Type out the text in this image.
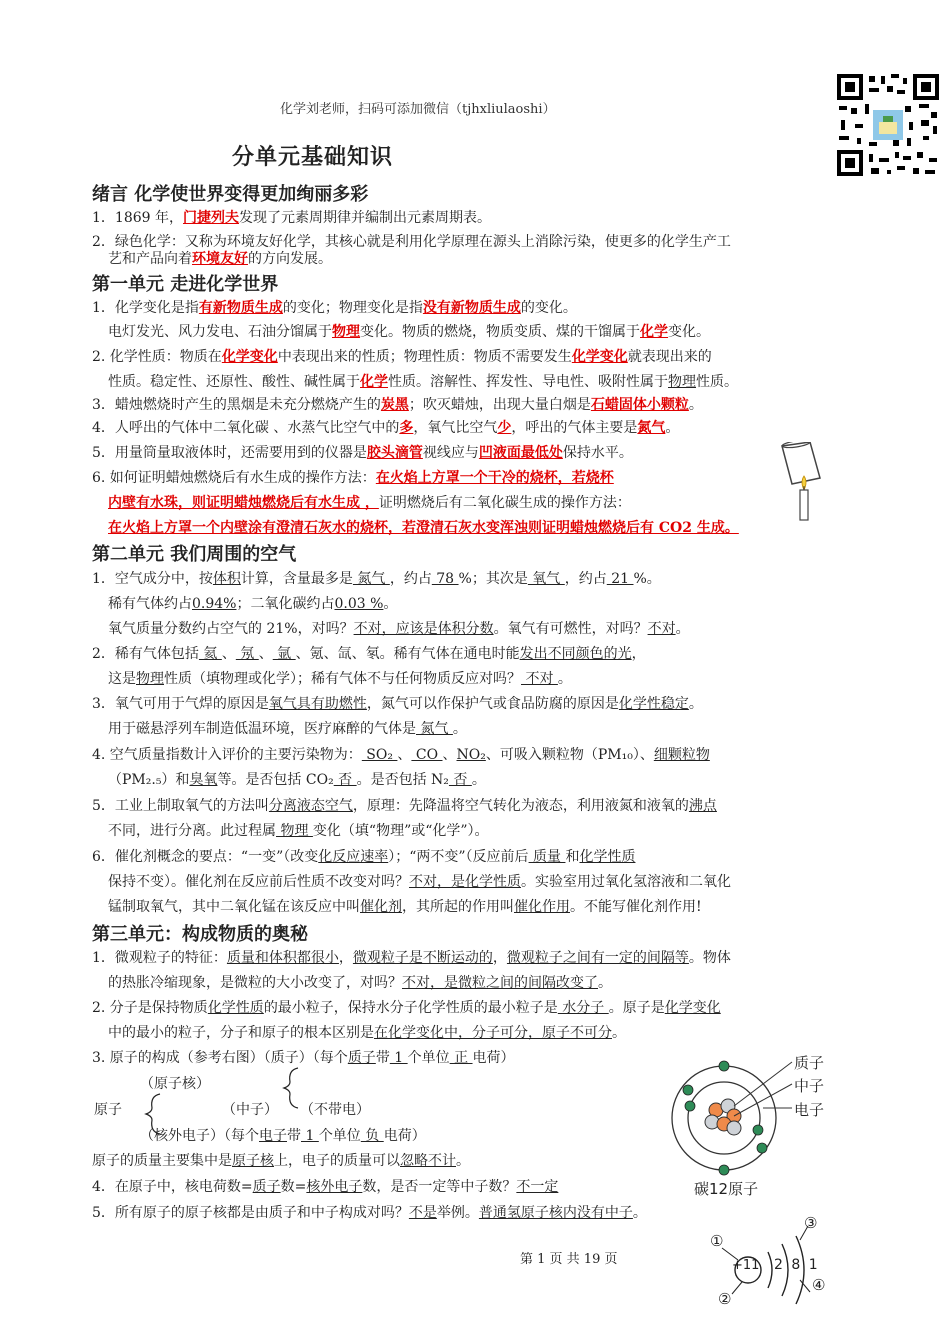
化学刘老师，扫码可添加微信（tjhxliulaoshi）
分单元基础知识
绪言 化学使世界变得更加绚丽多彩
1．1869 年，门捷列夫发现了元素周期律并编制出元素周期表。
2．绿色化学：又称为环境友好化学，其核心就是利用化学原理在源头上消除污染，使更多的化学生产工
艺和产品向着环境友好的方向发展。
第一单元 走进化学世界
1．化学变化是指有新物质生成的变化；物理变化是指没有新物质生成的变化。
电灯发光、风力发电、石油分馏属于物理变化。物质的燃烧，物质变质、煤的干馏属于化学变化。
2. 化学性质：物质在化学变化中表现出来的性质；物理性质：物质不需要发生化学变化就表现出来的
性质。稳定性、还原性、酸性、碱性属于化学性质。溶解性、挥发性、导电性、吸附性属于物理性质。
3．蜡烛燃烧时产生的黑烟是未充分燃烧产生的炭黑；吹灭蜡烛，出现大量白烟是石蜡固体小颗粒。
4．人呼出的气体中二氧化碳 、水蒸气比空气中的多，氧气比空气少，呼出的气体主要是氮气。
5．用量筒量取液体时，还需要用到的仪器是胶头滴管视线应与凹液面最低处保持水平。
6. 如何证明蜡烛燃烧后有水生成的操作方法：在火焰上方罩一个干冷的烧杯，若烧杯
内壁有水珠，则证明蜡烛燃烧后有水生成 ，证明燃烧后有二氧化碳生成的操作方法：
在火焰上方罩一个内壁涂有澄清石灰水的烧杯，若澄清石灰水变浑浊则证明蜡烛燃烧后有 CO2 生成。
第二单元 我们周围的空气
1．空气成分中，按体积计算，含量最多是 氮气 ，约占 78 %；其次是 氧气 ，约占 21 %。
稀有气体约占0.94%；二氧化碳约占0.03 %。
氧气质量分数约占空气的 21%，对吗？不对，应该是体积分数。氧气有可燃性，对吗？不对。
2．稀有气体包括 氦 、 氖 、 氩 、氪、氙、氡。稀有气体在通电时能发出不同颜色的光，
这是物理性质（填物理或化学）；稀有气体不与任何物质反应对吗？ 不对 。
3．氧气可用于气焊的原因是氧气具有助燃性，氮气可以作保护气或食品防腐的原因是化学性稳定。
用于磁悬浮列车制造低温环境，医疗麻醉的气体是 氮气 。
4. 空气质量指数计入评价的主要污染物为： SO₂ 、 CO 、NO₂、可吸入颗粒物（PM₁₀）、细颗粒物
（PM₂.₅）和臭氧等。是否包括 CO₂ 否 。是否包括 N₂ 否 。
5．工业上制取氧气的方法叫分离液态空气，原理：先降温将空气转化为液态，利用液氮和液氧的沸点
不同，进行分离。此过程属 物理 变化（填“物理”或“化学”）。
6．催化剂概念的要点：“一变”（改变化反应速率）；“两不变”（反应前后 质量 和化学性质
保持不变）。催化剂在反应前后性质不改变对吗？不对，是化学性质。实验室用过氧化氢溶液和二氧化
锰制取氧气，其中二氧化锰在该反应中叫催化剂，其所起的作用叫催化作用。不能写催化剂作用!
第三单元：构成物质的奥秘
1．微观粒子的特征：质量和体积都很小，微观粒子是不断运动的，微观粒子之间有一定的间隔等。物体
的热胀冷缩现象，是微粒的大小改变了，对吗？不对，是微粒之间的间隔改变了。
2. 分子是保持物质化学性质的最小粒子，保持水分子化学性质的最小粒子是 水分子 。原子是化学变化
中的最小的粒子，分子和原子的根本区别是在化学变化中，分子可分，原子不可分。
3. 原子的构成（参考右图）（质子）（每个质子带 1 个单位 正 电荷）
（原子核）
原子	（中子） （不带电）
（核外电子）（每个电子带 1 个单位 负 电荷）
原子的质量主要集中是原子核上，电子的质量可以忽略不计。
4．在原子中，核电荷数=质子数=核外电子数，是否一定等中子数？不一定
5．所有原子的原子核都是由质子和中子构成对吗？不是举例。普通氢原子核内没有中子。
质子
中子
电子
碳12原子
+11 2 8 1
①
②
③
④
第 1 页 共 19 页
